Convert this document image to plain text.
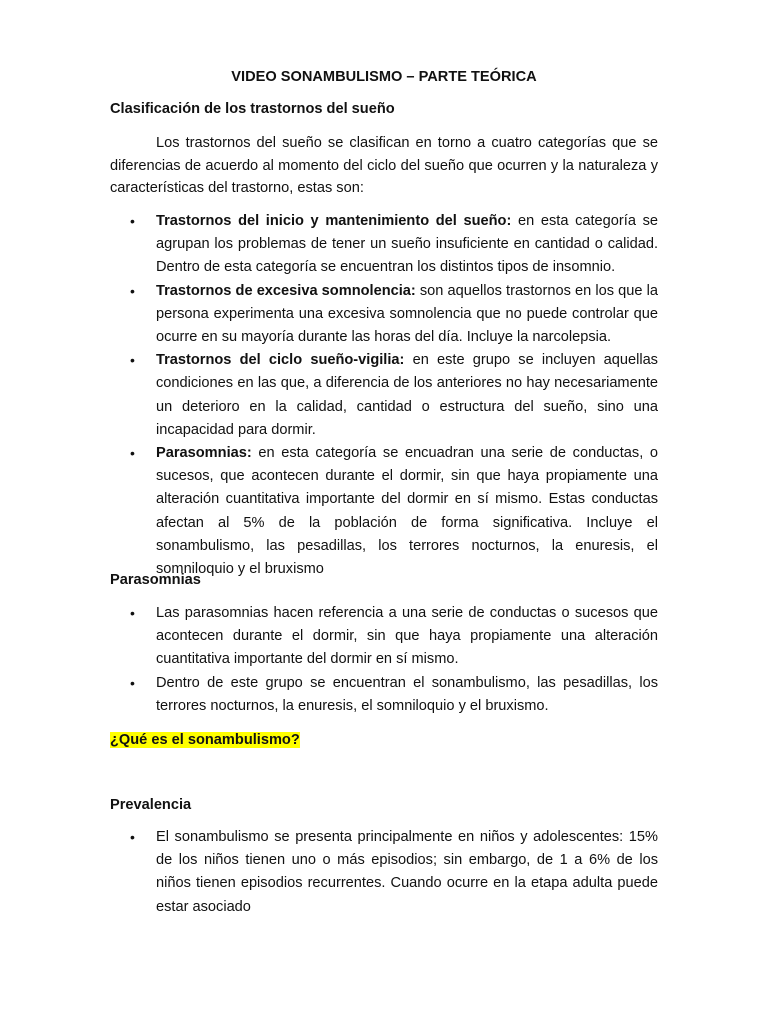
VIDEO SONAMBULISMO – PARTE TEÓRICA
Clasificación de los trastornos del sueño

Los trastornos del sueño se clasifican en torno a cuatro categorías que se diferencias de acuerdo al momento del ciclo del sueño que ocurren y la naturaleza y características del trastorno, estas son:

• Trastornos del inicio y mantenimiento del sueño: en esta categoría se agrupan los problemas de tener un sueño insuficiente en cantidad o calidad. Dentro de esta categoría se encuentran los distintos tipos de insomnio.
• Trastornos de excesiva somnolencia: son aquellos trastornos en los que la persona experimenta una excesiva somnolencia que no puede controlar que ocurre en su mayoría durante las horas del día. Incluye la narcolepsia.
• Trastornos del ciclo sueño-vigilia: en este grupo se incluyen aquellas condiciones en las que, a diferencia de los anteriores no hay necesariamente un deterioro en la calidad, cantidad o estructura del sueño, sino una incapacidad para dormir.
• Parasomnias: en esta categoría se encuadran una serie de conductas, o sucesos, que acontecen durante el dormir, sin que haya propiamente una alteración cuantitativa importante del dormir en sí mismo. Estas conductas afectan al 5% de la población de forma significativa. Incluye el sonambulismo, las pesadillas, los terrores nocturnos, la enuresis, el somniloquio y el bruxismo
Parasomnias
• Las parasomnias hacen referencia a una serie de conductas o sucesos que acontecen durante el dormir, sin que haya propiamente una alteración cuantitativa importante del dormir en sí mismo.
• Dentro de este grupo se encuentran el sonambulismo, las pesadillas, los terrores nocturnos, la enuresis, el somniloquio y el bruxismo.
¿Qué es el sonambulismo?
Prevalencia
• El sonambulismo se presenta principalmente en niños y adolescentes: 15% de los niños tienen uno o más episodios; sin embargo, de 1 a 6% de los niños tienen episodios recurrentes. Cuando ocurre en la etapa adulta puede estar asociado
